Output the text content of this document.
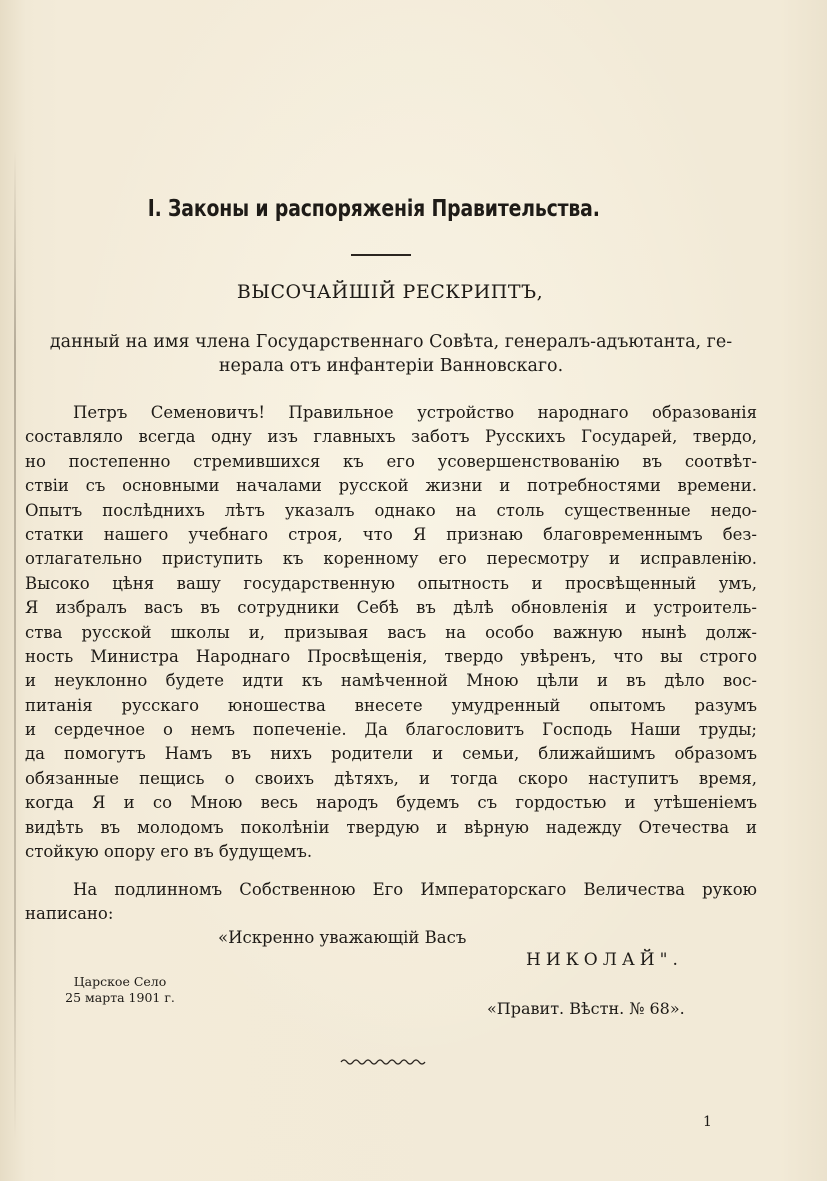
I. Законы и распоряженія Правительства.
ВЫСОЧАЙШІЙ РЕСКРИПТЪ,
данный на имя члена Государственнаго Совѣта, генералъ-адъютанта, ге-
нерала отъ инфантеріи Ванновскаго.
Петръ Семеновичъ! Правильное устройство народнаго образованія
составляло всегда одну изъ главныхъ заботъ Русскихъ Государей, твердо,
но постепенно стремившихся къ его усовершенствованію въ соотвѣт-
ствіи съ основными началами русской жизни и потребностями времени.
Опытъ послѣднихъ лѣтъ указалъ однако на столь существенные недо-
статки нашего учебнаго строя, что Я признаю благовременнымъ без-
отлагательно приступить къ коренному его пересмотру и исправленію.
Высоко цѣня вашу государственную опытность и просвѣщенный умъ,
Я избралъ васъ въ сотрудники Себѣ въ дѣлѣ обновленія и устроитель-
ства русской школы и, призывая васъ на особо важную нынѣ долж-
ность Министра Народнаго Просвѣщенія, твердо увѣренъ, что вы строго
и неуклонно будете идти къ намѣченной Мною цѣли и въ дѣло вос-
питанія русскаго юношества внесете умудренный опытомъ разумъ
и сердечное о немъ попеченіе. Да благословитъ Господь Наши труды;
да помогутъ Намъ въ нихъ родители и семьи, ближайшимъ образомъ
обязанные пещись о своихъ дѣтяхъ, и тогда скоро наступитъ время,
когда Я и со Мною весь народъ будемъ съ гордостью и утѣшеніемъ
видѣть въ молодомъ поколѣніи твердую и вѣрную надежду Отечества и
стойкую опору его въ будущемъ.
На подлинномъ Собственною Его Императорскаго Величества рукою
написано:
«Искренно уважающій Васъ
НИКОЛАЙ".
Царское Село
25 марта 1901 г.
«Правит. Вѣстн. № 68».
1
